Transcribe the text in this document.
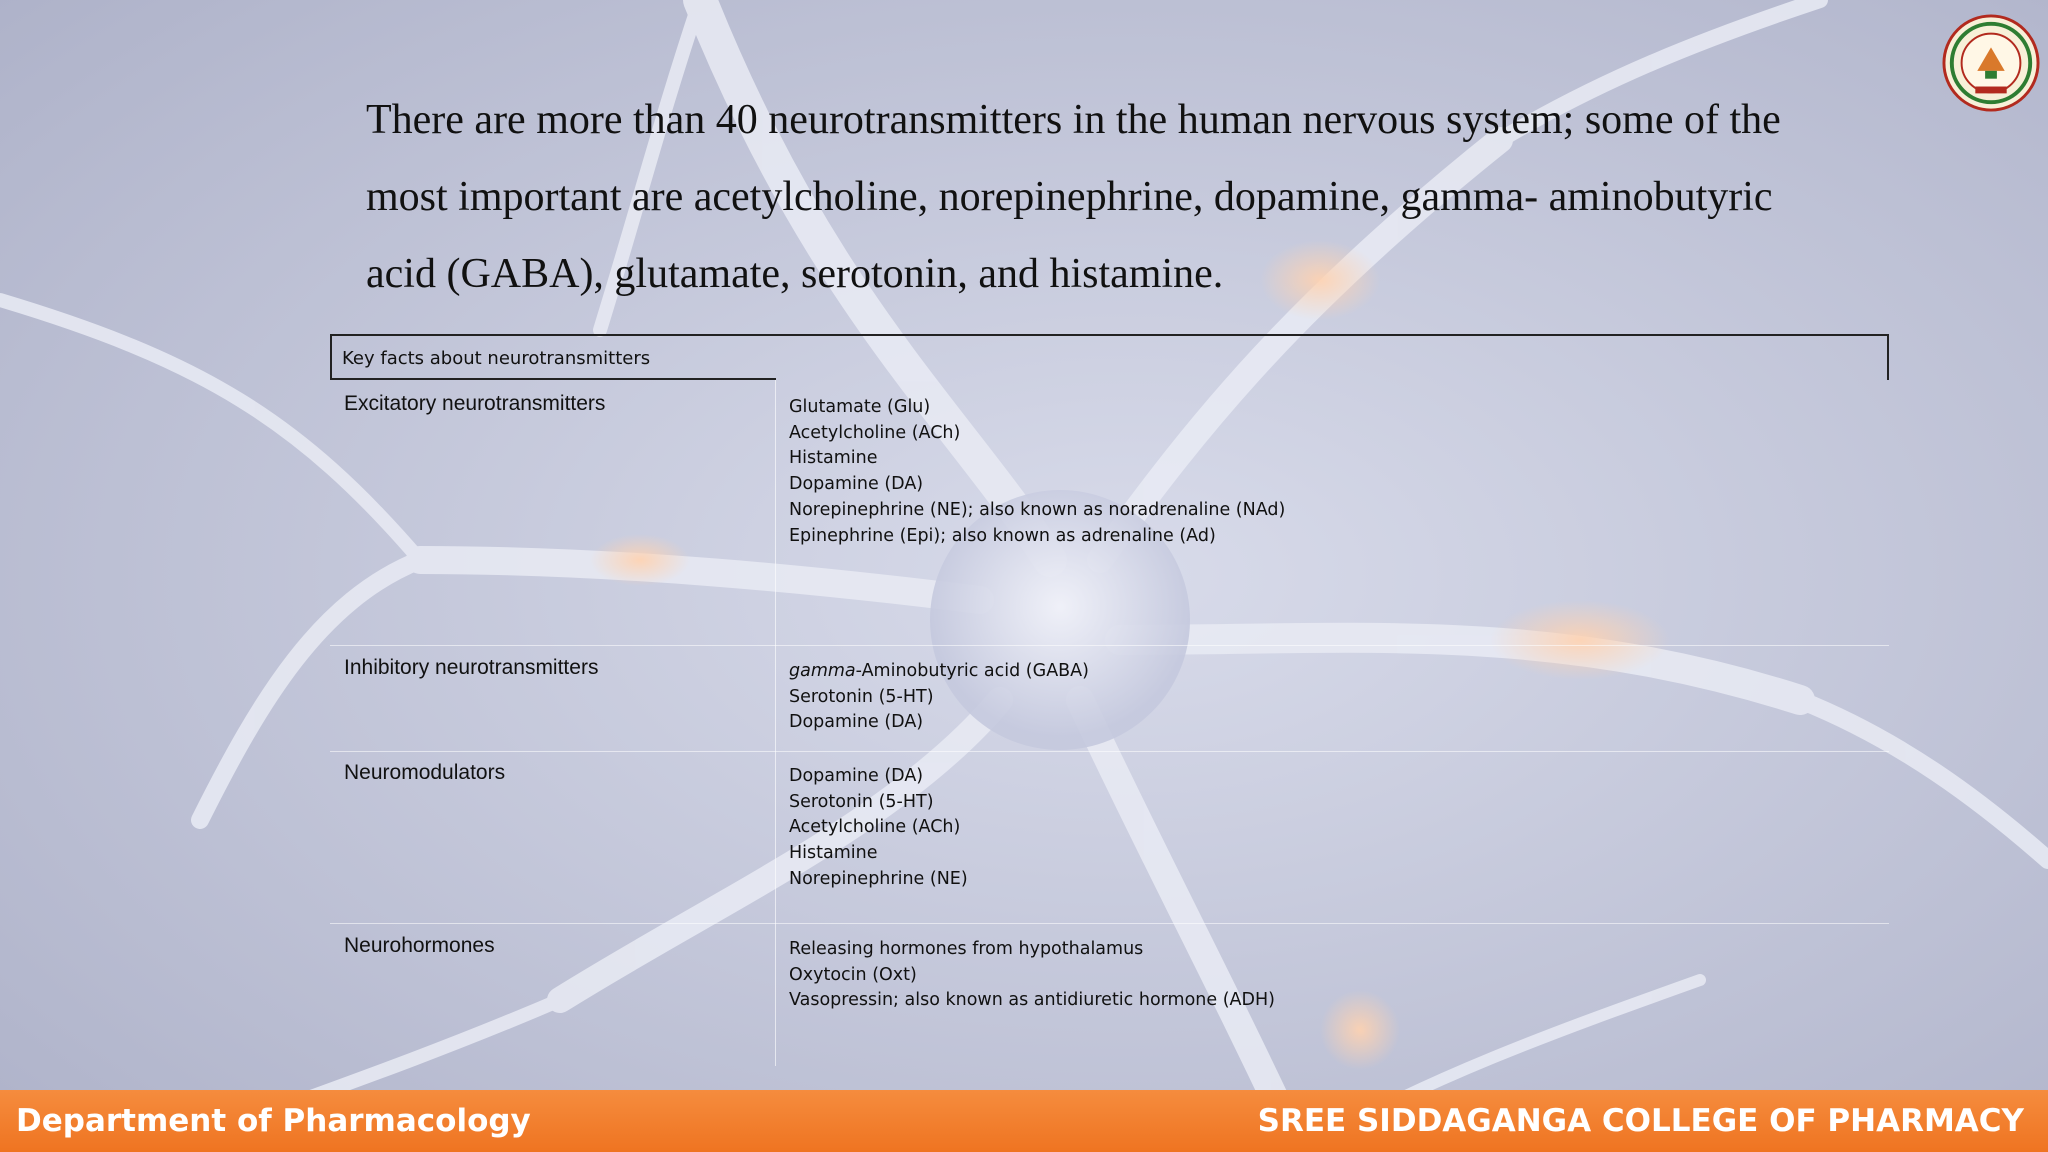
There are more than 40 neurotransmitters in the human nervous system; some of the most important are acetylcholine, norepinephrine, dopamine, gamma- aminobutyric acid (GABA), glutamate, serotonin, and histamine.

Key facts about neurotransmitters
Excitatory neurotransmitters	Glutamate (Glu)
Acetylcholine (ACh)
Histamine
Dopamine (DA)
Norepinephrine (NE); also known as noradrenaline (NAd)
Epinephrine (Epi); also known as adrenaline (Ad)
Inhibitory neurotransmitters	gamma-Aminobutyric acid (GABA)
Serotonin (5-HT)
Dopamine (DA)
Neuromodulators	Dopamine (DA)
Serotonin (5-HT)
Acetylcholine (ACh)
Histamine
Norepinephrine (NE)
Neurohormones	Releasing hormones from hypothalamus
Oxytocin (Oxt)
Vasopressin; also known as antidiuretic hormone (ADH)
Department of Pharmacology	SREE SIDDAGANGA COLLEGE OF PHARMACY
